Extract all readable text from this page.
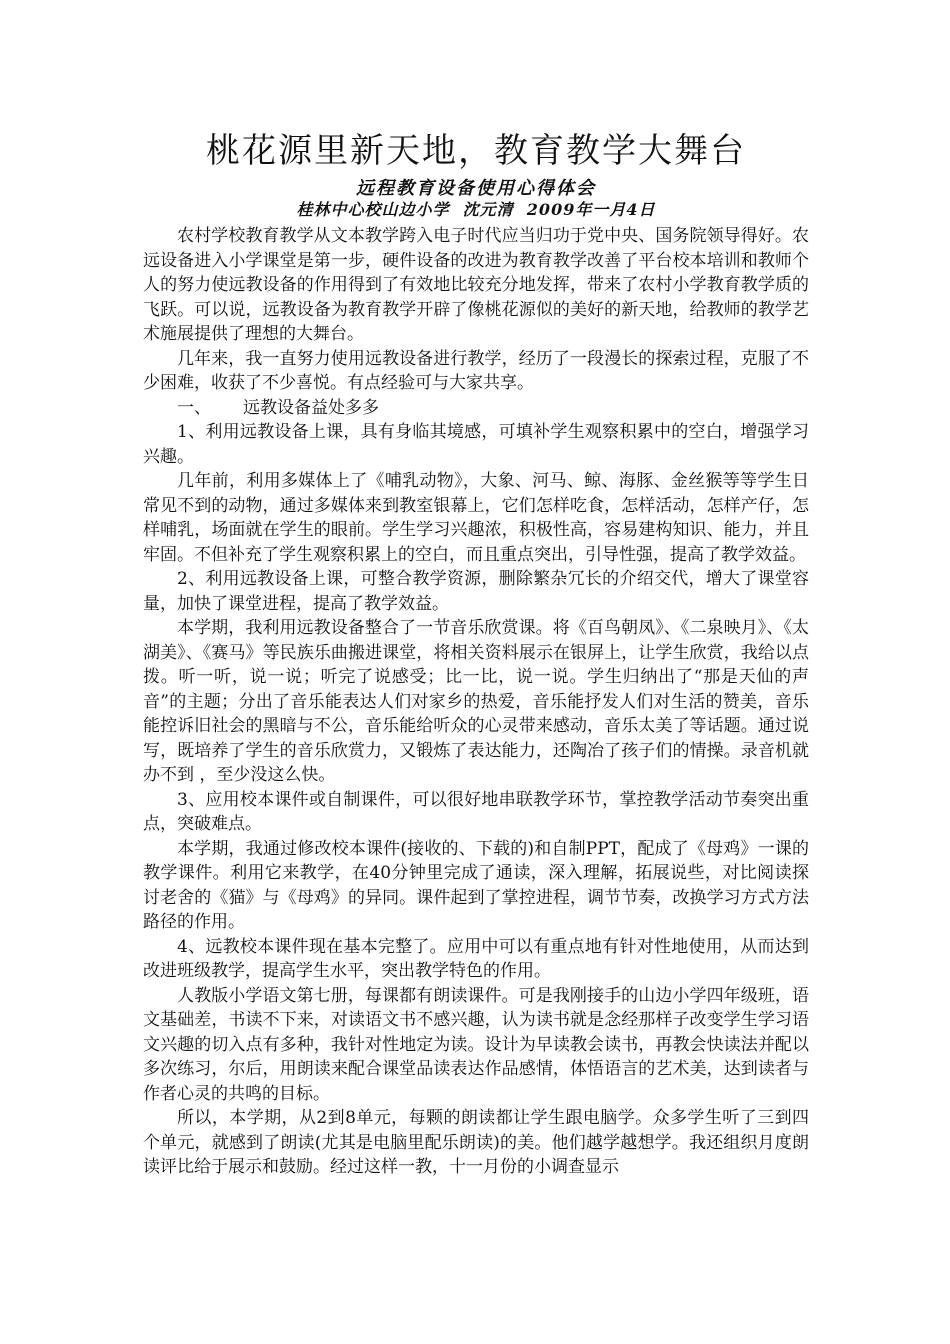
桃花源里新天地，教育教学大舞台
远程教育设备使用心得体会
桂林中心校山边小学  沈元清  2009年一月4日

农村学校教育教学从文本教学跨入电子时代应当归功于党中央、国务院领导得好。农远设备进入小学课堂是第一步，硬件设备的改进为教育教学改善了平台校本培训和教师个人的努力使远教设备的作用得到了有效地比较充分地发挥，带来了农村小学教育教学质的飞跃。可以说，远教设备为教育教学开辟了像桃花源似的美好的新天地，给教师的教学艺术施展提供了理想的大舞台。

几年来，我一直努力使用远教设备进行教学，经历了一段漫长的探索过程，克服了不少困难，收获了不少喜悦。有点经验可与大家共享。

一、 远教设备益处多多

1、利用远教设备上课，具有身临其境感，可填补学生观察积累中的空白，增强学习兴趣。

几年前，利用多媒体上了《哺乳动物》，大象、河马、鲸、海豚、金丝猴等等学生日常见不到的动物，通过多媒体来到教室银幕上，它们怎样吃食，怎样活动，怎样产仔，怎样哺乳，场面就在学生的眼前。学生学习兴趣浓，积极性高，容易建构知识、能力，并且牢固。不但补充了学生观察积累上的空白，而且重点突出，引导性强，提高了教学效益。

2、利用远教设备上课，可整合教学资源，删除繁杂冗长的介绍交代，增大了课堂容量，加快了课堂进程，提高了教学效益。

本学期，我利用远教设备整合了一节音乐欣赏课。将《百鸟朝凤》、《二泉映月》、《太湖美》、《赛马》等民族乐曲搬进课堂，将相关资料展示在银屏上，让学生欣赏，我给以点拨。听一听，说一说；听完了说感受；比一比，说一说。学生归纳出了“那是天仙的声音”的主题；分出了音乐能表达人们对家乡的热爱，音乐能抒发人们对生活的赞美，音乐能控诉旧社会的黑暗与不公，音乐能给听众的心灵带来感动，音乐太美了等话题。通过说写，既培养了学生的音乐欣赏力，又锻炼了表达能力，还陶冶了孩子们的情操。录音机就办不到 ，至少没这么快。

3、应用校本课件或自制课件，可以很好地串联教学环节，掌控教学活动节奏突出重点，突破难点。

本学期，我通过修改校本课件(接收的、下载的)和自制PPT，配成了《母鸡》一课的教学课件。利用它来教学，在40分钟里完成了通读，深入理解，拓展说些，对比阅读探讨老舍的《猫》与《母鸡》的异同。课件起到了掌控进程，调节节奏，改换学习方式方法路径的作用。

4、远教校本课件现在基本完整了。应用中可以有重点地有针对性地使用，从而达到改进班级教学，提高学生水平，突出教学特色的作用。

人教版小学语文第七册，每课都有朗读课件。可是我刚接手的山边小学四年级班，语文基础差，书读不下来，对读语文书不感兴趣，认为读书就是念经那样子改变学生学习语文兴趣的切入点有多种，我针对性地定为读。设计为早读教会读书，再教会快读法并配以多次练习，尔后，用朗读来配合课堂品读表达作品感情，体悟语言的艺术美，达到读者与作者心灵的共鸣的目标。

所以，本学期，从2到8单元，每颗的朗读都让学生跟电脑学。众多学生听了三到四个单元，就感到了朗读(尤其是电脑里配乐朗读)的美。他们越学越想学。我还组织月度朗读评比给于展示和鼓励。经过这样一教，十一月份的小调查显示
